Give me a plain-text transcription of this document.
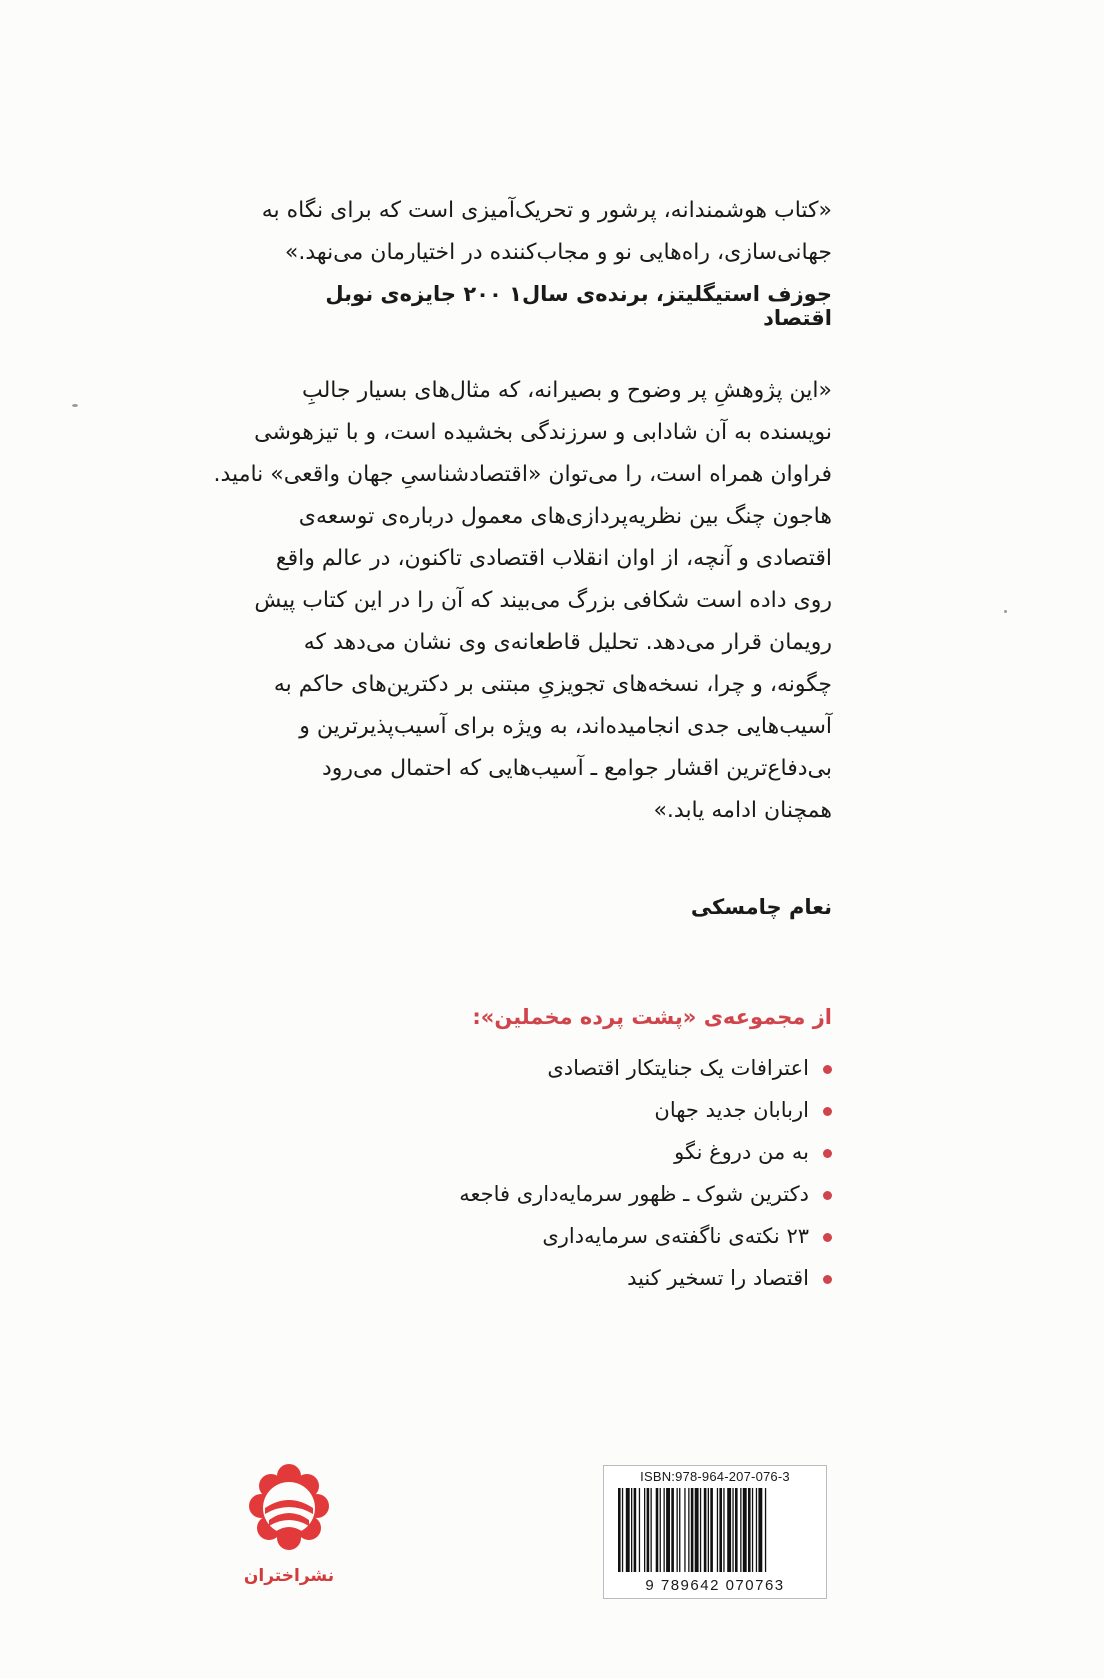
«کتاب هوشمندانه، پرشور و تحریک‌آمیزی است که برای نگاه به
جهانی‌سازی، راه‌هایی نو و مجاب‌کننده در اختیارمان می‌نهد.»
جوزف استیگلیتز، برنده‌ی سال۱ ۲۰۰ جایزه‌ی نوبل اقتصاد
«این پژوهشِ پر وضوح و بصیرانه، که مثال‌های بسیار جالبِ
نویسنده به آن شادابی و سرزندگی بخشیده است، و با تیزهوشی
فراوان همراه است، را می‌توان «اقتصادشناسیِ جهان واقعی» نامید.
هاجون چنگ بین نظریه‌پردازی‌های معمول درباره‌ی توسعه‌ی
اقتصادی و آنچه، از اوان انقلاب اقتصادی تاکنون، در عالم واقع
روی داده است شکافی بزرگ می‌بیند که آن را در این کتاب پیش
رویمان قرار می‌دهد. تحلیل قاطعانه‌ی وی نشان می‌دهد که
چگونه، و چرا، نسخه‌های تجویزیِ مبتنی بر دکترین‌های حاکم به
آسیب‌هایی جدی انجامیده‌اند، به ویژه برای آسیب‌پذیرترین و
بی‌دفاع‌ترین اقشار جوامع ـ آسیب‌هایی که احتمال می‌رود
همچنان ادامه یابد.»
نعام چامسکی
از مجموعه‌ی «پشت پرده مخملین»:
اعترافات یک جنایتکار اقتصادی
اربابان جدید جهان
به من دروغ نگو
دکترین شوک ـ ظهور سرمایه‌داری فاجعه
۲۳ نکته‌ی ناگفته‌ی سرمایه‌داری
اقتصاد را تسخیر کنید
نشراختران
ISBN:978-964-207-076-3
9 789642 070763
